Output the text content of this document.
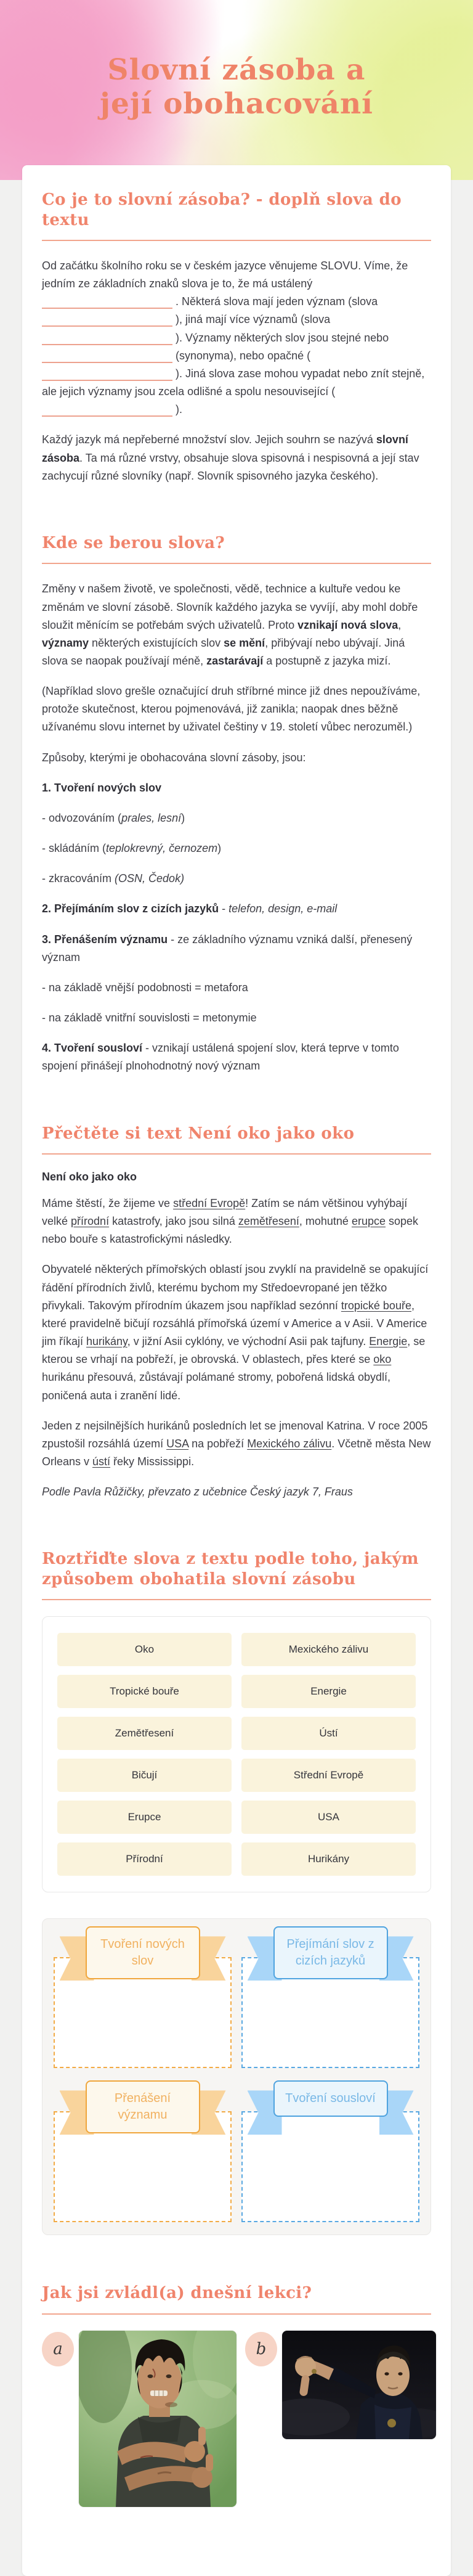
Slovní zásoba a
její obohacování
Co je to slovní zásoba? - doplň slova do textu

Od začátku školního roku se v českém jazyce věnujeme SLOVU. Víme, že jedním ze základních znaků slova je to, že má ustálený  . Některá slova mají jeden význam (slova  ), jiná mají více významů (slova  ). Významy některých slov jsou stejné nebo  (synonyma), nebo opačné (  ). Jiná slova zase mohou vypadat nebo znít stejně, ale jejich významy jsou zcela odlišné a spolu nesouvisející (  ).

Každý jazyk má nepřeberné množství slov. Jejich souhrn se nazývá slovní zásoba. Ta má různé vrstvy, obsahuje slova spisovná i nespisovná a její stav zachycují různé slovníky (např. Slovník spisovného jazyka českého).

Kde se berou slova?

Změny v našem životě, ve společnosti, vědě, technice a kultuře vedou ke změnám ve slovní zásobě. Slovník každého jazyka se vyvíjí, aby mohl dobře sloužit měnícím se potřebám svých uživatelů. Proto vznikají nová slova, významy některých existujících slov se mění, přibývají nebo ubývají. Jiná slova se naopak používají méně, zastarávají a postupně z jazyka mizí.

(Například slovo grešle označující druh stříbrné mince již dnes nepoužíváme, protože skutečnost, kterou pojmenovává, již zanikla; naopak dnes běžně užívanému slovu internet by uživatel češtiny v 19. století vůbec nerozuměl.)

Způsoby, kterými je obohacována slovní zásoby, jsou:

1. Tvoření nových slov

- odvozováním (prales, lesní)

- skládáním (teplokrevný, černozem)

- zkracováním (OSN, Čedok)

2. Přejímáním slov z cizích jazyků - telefon, design, e-mail

3. Přenášením významu - ze základního významu vzniká další, přenesený význam

- na základě vnější podobnosti = metafora

- na základě vnitřní souvislosti = metonymie

4. Tvoření sousloví - vznikají ustálená spojení slov, která teprve v tomto spojení přinášejí plnohodnotný nový význam

Přečtěte si text Není oko jako oko

Není oko jako oko

Máme štěstí, že žijeme ve střední Evropě! Zatím se nám většinou vyhýbají velké přírodní katastrofy, jako jsou silná zemětřesení, mohutné erupce sopek nebo bouře s katastrofickými následky.

Obyvatelé některých přímořských oblastí jsou zvyklí na pravidelně se opakující řádění přírodních živlů, kterému bychom my Středoevropané jen těžko přivykali. Takovým přírodním úkazem jsou například sezónní tropické bouře, které pravidelně bičují rozsáhlá přímořská území v Americe a v Asii. V Americe jim říkají hurikány, v jižní Asii cyklóny, ve východní Asii pak tajfuny. Energie, se kterou se vrhají na pobřeží, je obrovská. V oblastech, přes které se oko hurikánu přesouvá, zůstávají polámané stromy, pobořená lidská obydlí, poničená auta i zranění lidé.

Jeden z nejsilnějších hurikánů posledních let se jmenoval Katrina. V roce 2005 zpustošil rozsáhlá území USA na pobřeží Mexického zálivu. Včetně města New Orleans v ústí řeky Mississippi.

Podle Pavla Růžičky, převzato z učebnice Český jazyk 7, Fraus

Roztřiďte slova z textu podle toho, jakým způsobem obohatila slovní zásobu
Oko	Mexického zálivu
Tropické bouře	Energie
Zemětřesení	Ústí
Bičují	Střední Evropě
Erupce	USA
Přírodní	Hurikány
Tvoření nových slov
Přejímání slov z cizích jazyků
Přenášení významu
Tvoření sousloví
Jak jsi zvládl(a) dnešní lekci?
a	b
